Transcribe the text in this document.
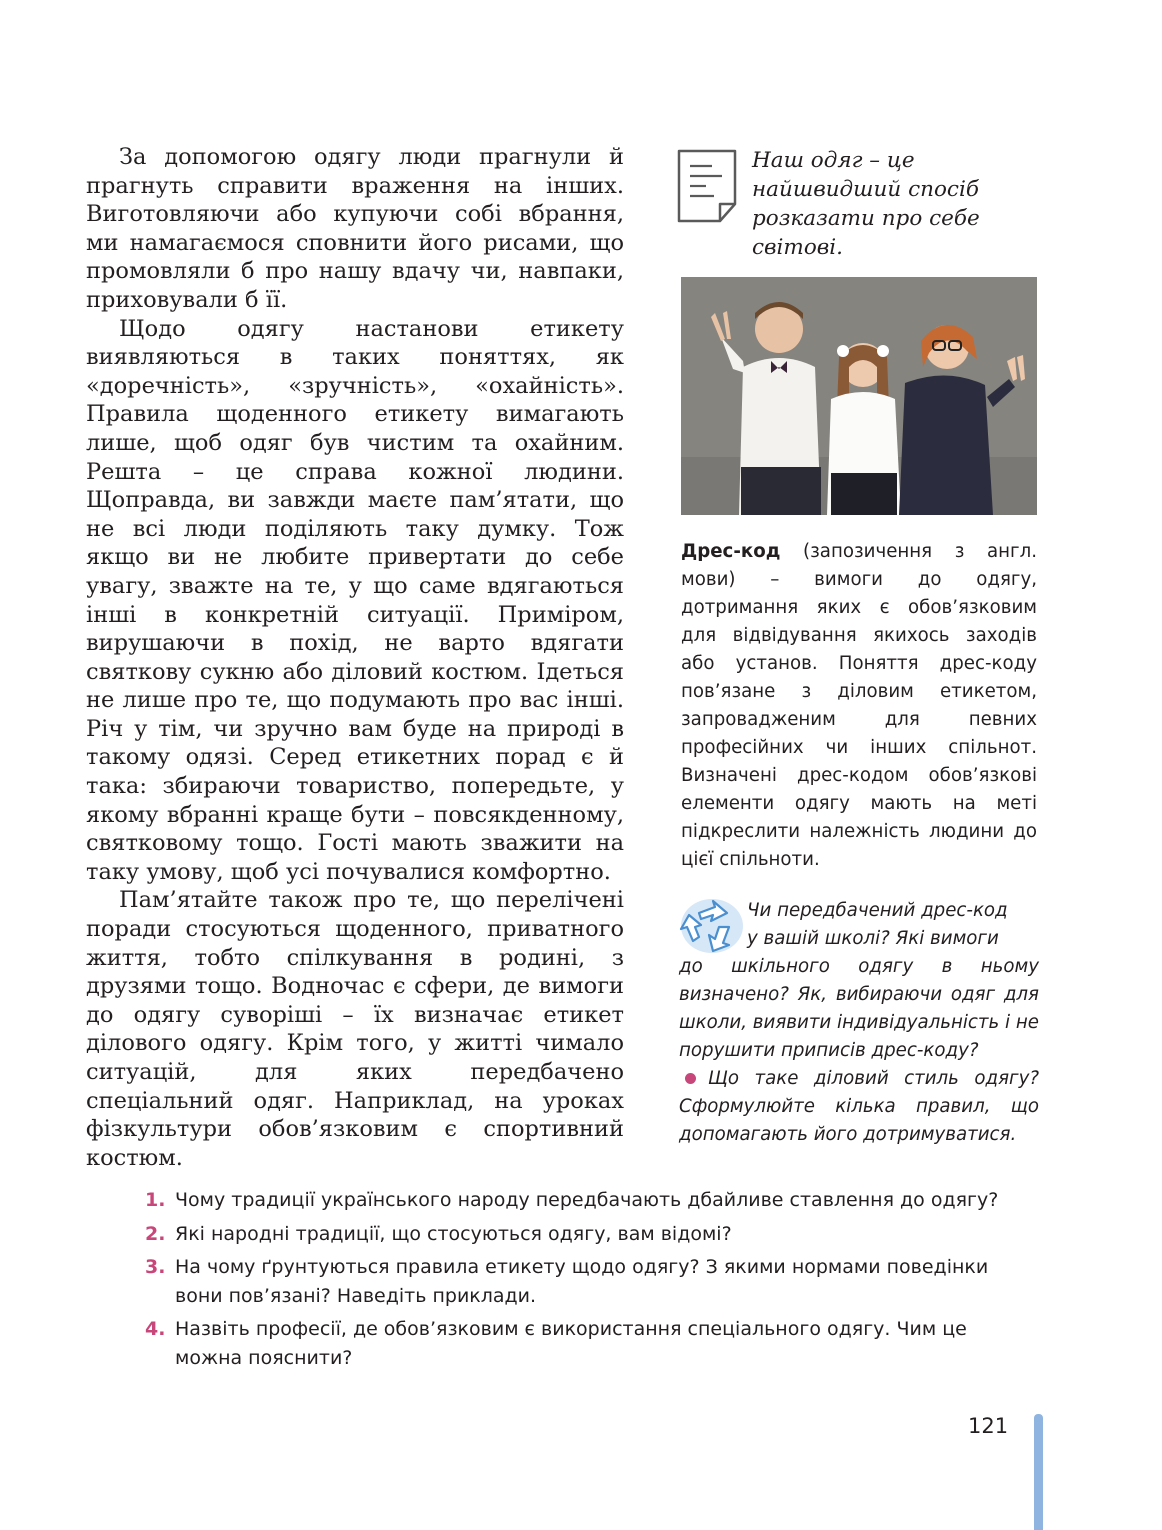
За допомогою одягу люди прагнули й прагнуть справити враження на інших. Виготовляючи або купуючи собі вбрання, ми намагаємося сповнити його рисами, що промовляли б про нашу вдачу чи, навпаки, приховували б її.

Щодо одягу настанови етикету виявляються в таких поняттях, як «доречність», «зручність», «охайність». Правила щоденного етикету вимагають лише, щоб одяг був чистим та охайним. Решта – це справа кожної людини. Щоправда, ви завжди маєте пам’ятати, що не всі люди поділяють таку думку. Тож якщо ви не любите привертати до себе увагу, зважте на те, у що саме вдягаються інші в конкретній ситуації. Приміром, вирушаючи в похід, не варто вдягати святкову сукню або діловий костюм. Ідеться не лише про те, що подумають про вас інші. Річ у тім, чи зручно вам буде на природі в такому одязі. Серед етикетних порад є й така: збираючи товариство, попередьте, у якому вбранні краще бути – повсякденному, святковому тощо. Гості мають зважити на таку умову, щоб усі почувалися комфортно.

Пам’ятайте також про те, що перелічені поради стосуються щоденного, приватного життя, тобто спілкування в родині, з друзями тощо. Водночас є сфери, де вимоги до одягу суворіші – їх визначає етикет ділового одягу. Крім того, у житті чимало ситуацій, для яких передбачено спеціальний одяг. Наприклад, на уроках фізкультури обов’язковим є спортивний костюм.

Наш одяг – це найшвидший спосіб розказати про себе світові.
Дрес-код (запозичення з англ. мови) – вимоги до одягу, дотримання яких є обов’язковим для відвідування якихось заходів або установ. Поняття дрес-коду пов’язане з діловим етикетом, запровадженим для певних професійних чи інших спільнот. Визначені дрес-кодом обов’язкові елементи одягу мають на меті підкреслити належність людини до цієї спільноти.
Чи передбачений дрес-код
у вашій школі? Які вимоги
до шкільного одягу в ньому визначено? Як, вибираючи одяг для школи, виявити індивідуальність і не порушити приписів дрес-коду?
Що таке діловий стиль одягу? Сформулюйте кілька правил, що допомагають його дотримуватися.
1. Чому традиції українського народу передбачають дбайливе ставлення до одягу?
2. Які народні традиції, що стосуються одягу, вам відомі?
3. На чому ґрунтуються правила етикету щодо одягу? З якими нормами поведінки вони пов’язані? Наведіть приклади.
4. Назвіть професії, де обов’язковим є використання спеціального одягу. Чим це можна пояснити?
121
